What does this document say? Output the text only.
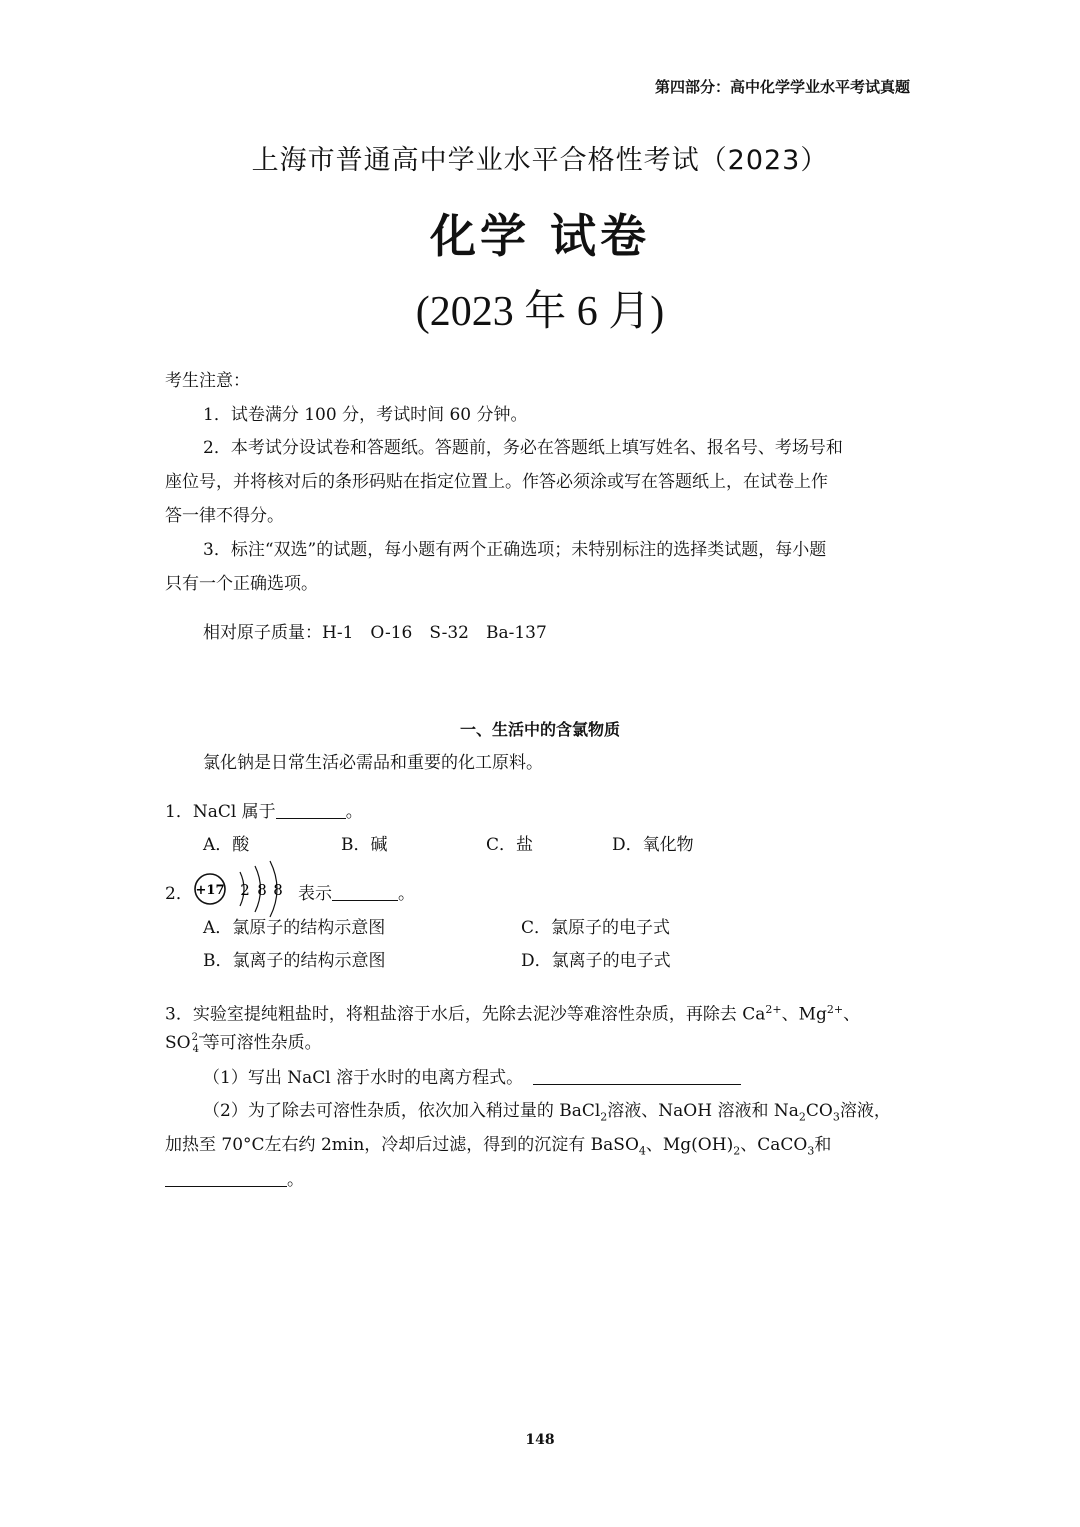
第四部分：高中化学学业水平考试真题
上海市普通高中学业水平合格性考试（2023）
化学 试卷
(2023 年 6 月)
考生注意：
1．试卷满分 100 分，考试时间 60 分钟。
2．本考试分设试卷和答题纸。答题前，务必在答题纸上填写姓名、报名号、考场号和
座位号，并将核对后的条形码贴在指定位置上。作答必须涂或写在答题纸上，在试卷上作
答一律不得分。
3．标注“双选”的试题，每小题有两个正确选项；未特别标注的选择类试题，每小题
只有一个正确选项。
相对原子质量：H-1　O-16　S-32　Ba-137
一、生活中的含氯物质
氯化钠是日常生活必需品和重要的化工原料。
1．NaCl 属于	。
A．酸	B．碱	C．盐	D．氧化物
2． +17 2 8 8 表示	。
A．氯原子的结构示意图	C．氯原子的电子式
B．氯离子的结构示意图	D．氯离子的电子式
3．实验室提纯粗盐时，将粗盐溶于水后，先除去泥沙等难溶性杂质，再除去 $Ca^{2+}$、$Mg^{2+}$、
SO 2−
4 等可溶性杂质。
（1）写出 NaCl 溶于水时的电离方程式。
（2）为了除去可溶性杂质，依次加入稍过量的 BaCl$_2$溶液、NaOH 溶液和 $Na_2CO_3$溶液，
加热至 70°C左右约 2min，冷却后过滤，得到的沉淀有 BaSO$_4$、$Mg(OH)_2$、CaCO$_3$和
。
148
